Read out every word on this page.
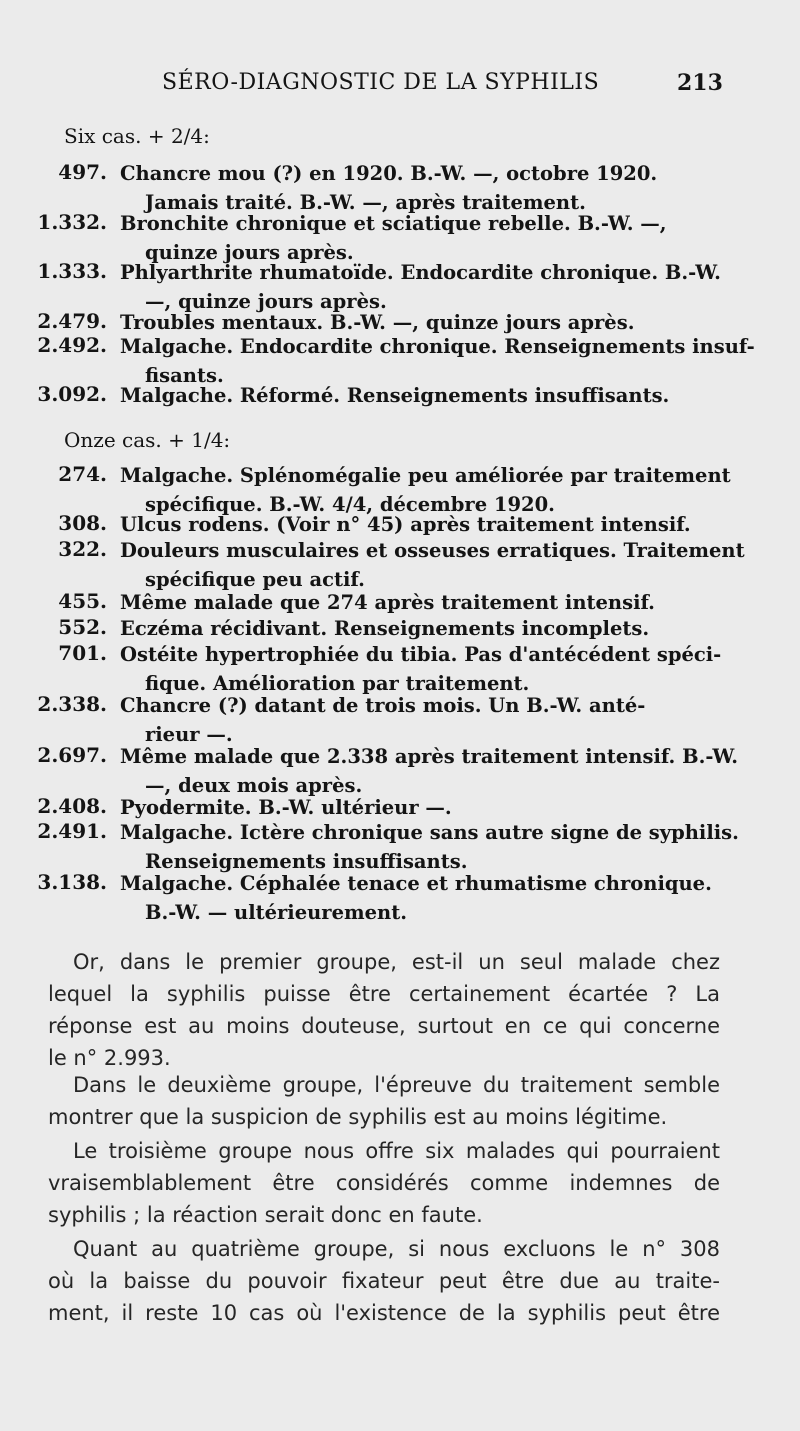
SÉRO-DIAGNOSTIC DE LA SYPHILIS	213
Six cas. + 2/4:
497. Chancre mou (?) en 1920. B.-W. —, octobre 1920.
Jamais traité. B.-W. —, après traitement.
1.332. Bronchite chronique et sciatique rebelle. B.-W. —,
quinze jours après.
1.333. Phlyarthrite rhumatoïde. Endocardite chronique. B.-W.
—, quinze jours après.
2.479. Troubles mentaux. B.-W. —, quinze jours après.
2.492. Malgache. Endocardite chronique. Renseignements insuf-
fisants.
3.092. Malgache. Réformé. Renseignements insuffisants.
Onze cas. + 1/4:
274. Malgache. Splénomégalie peu améliorée par traitement
spécifique. B.-W. 4/4, décembre 1920.
308. Ulcus rodens. (Voir n° 45) après traitement intensif.
322. Douleurs musculaires et osseuses erratiques. Traitement
spécifique peu actif.
455. Même malade que 274 après traitement intensif.
552. Eczéma récidivant. Renseignements incomplets.
701. Ostéite hypertrophiée du tibia. Pas d'antécédent spéci-
fique. Amélioration par traitement.
2.338. Chancre (?) datant de trois mois. Un B.-W. anté-
rieur —.
2.697. Même malade que 2.338 après traitement intensif. B.-W.
—, deux mois après.
2.408. Pyodermite. B.-W. ultérieur —.
2.491. Malgache. Ictère chronique sans autre signe de syphilis.
Renseignements insuffisants.
3.138. Malgache. Céphalée tenace et rhumatisme chronique.
B.-W. — ultérieurement.
Or, dans le premier groupe, est-il un seul malade chez
lequel la syphilis puisse être certainement écartée ? La
réponse est au moins douteuse, surtout en ce qui concerne
le n° 2.993.
Dans le deuxième groupe, l'épreuve du traitement semble
montrer que la suspicion de syphilis est au moins légitime.
Le troisième groupe nous offre six malades qui pourraient
vraisemblablement être considérés comme indemnes de
syphilis ; la réaction serait donc en faute.
Quant au quatrième groupe, si nous excluons le n° 308
où la baisse du pouvoir fixateur peut être due au traite-
ment, il reste 10 cas où l'existence de la syphilis peut être
